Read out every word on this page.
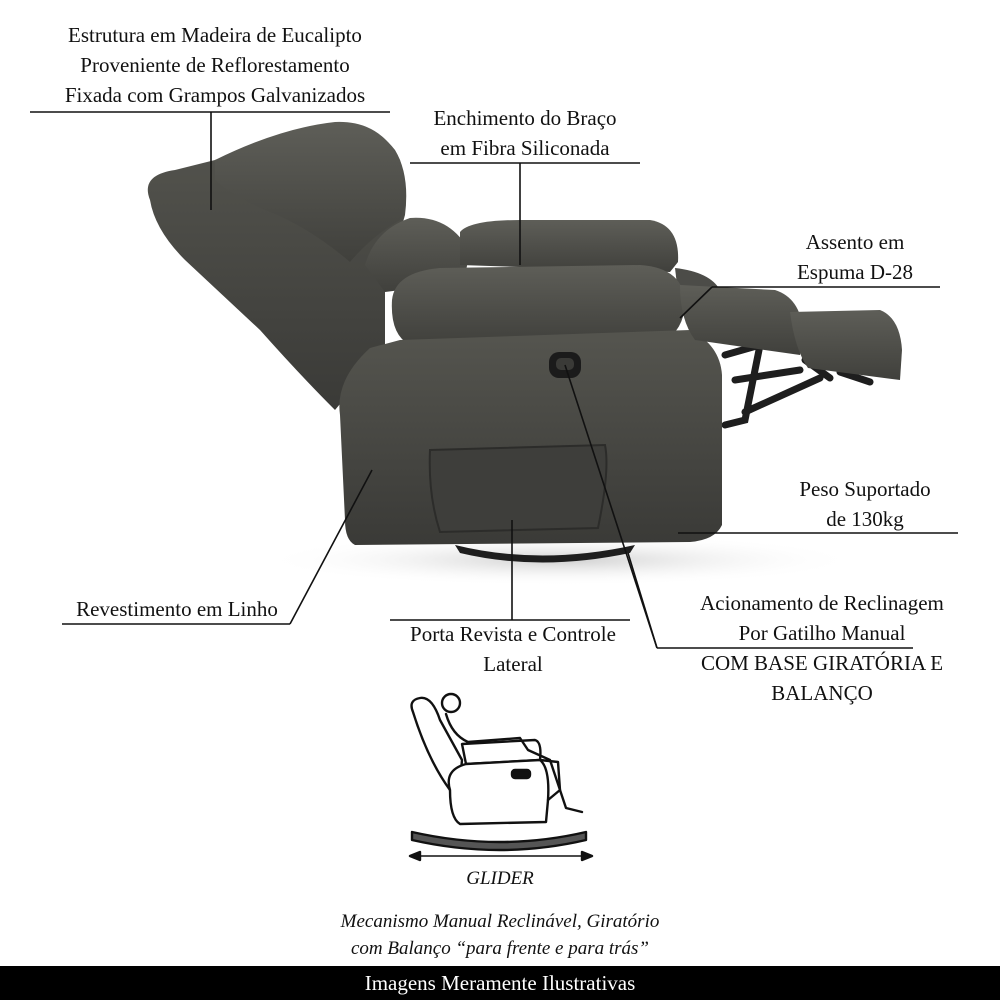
Estrutura em Madeira de Eucalipto
Proveniente de Reflorestamento
Fixada com Grampos Galvanizados
Enchimento do Braço
em Fibra Siliconada
Assento em
Espuma D-28
Peso Suportado
de 130kg
Revestimento em Linho
Porta Revista e Controle
Lateral
Acionamento de Reclinagem
Por Gatilho Manual
COM BASE GIRATÓRIA E
BALANÇO
GLIDER
Mecanismo Manual Reclinável, Giratório
com Balanço “para frente e para trás”
Imagens Meramente Ilustrativas
